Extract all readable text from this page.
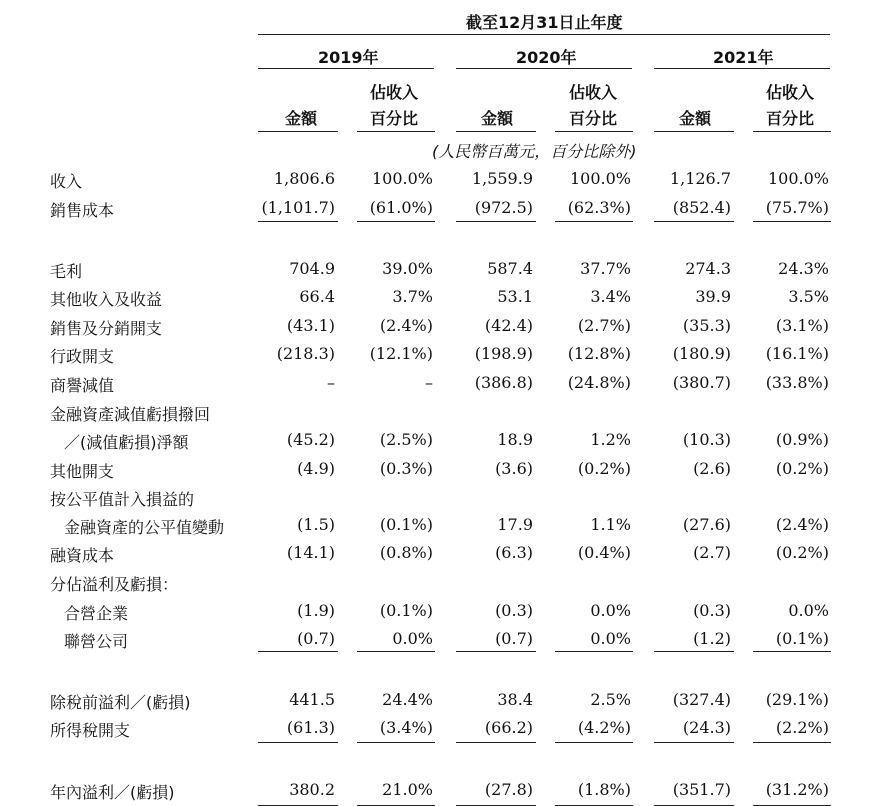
截至12月31日止年度
2019年	2020年	2021年
佔收入	佔收入	佔收入
金額	百分比	金額	百分比	金額	百分比
(人民幣百萬元，百分比除外)
收入	1,806.6	100.0%	1,559.9	100.0%	1,126.7	100.0%
銷售成本	(1,101.7)	(61.0%)	(972.5)	(62.3%)	(852.4)	(75.7%)
毛利	704.9	39.0%	587.4	37.7%	274.3	24.3%
其他收入及收益	66.4	3.7%	53.1	3.4%	39.9	3.5%
銷售及分銷開支	(43.1)	(2.4%)	(42.4)	(2.7%)	(35.3)	(3.1%)
行政開支	(218.3)	(12.1%)	(198.9)	(12.8%)	(180.9)	(16.1%)
商譽減值	–	–	(386.8)	(24.8%)	(380.7)	(33.8%)
金融資產減值虧損撥回
／(減值虧損)淨額	(45.2)	(2.5%)	18.9	1.2%	(10.3)	(0.9%)
其他開支	(4.9)	(0.3%)	(3.6)	(0.2%)	(2.6)	(0.2%)
按公平值計入損益的
金融資產的公平值變動	(1.5)	(0.1%)	17.9	1.1%	(27.6)	(2.4%)
融資成本	(14.1)	(0.8%)	(6.3)	(0.4%)	(2.7)	(0.2%)
分佔溢利及虧損：
合營企業	(1.9)	(0.1%)	(0.3)	0.0%	(0.3)	0.0%
聯營公司	(0.7)	0.0%	(0.7)	0.0%	(1.2)	(0.1%)
除稅前溢利／(虧損)	441.5	24.4%	38.4	2.5%	(327.4)	(29.1%)
所得稅開支	(61.3)	(3.4%)	(66.2)	(4.2%)	(24.3)	(2.2%)
年內溢利／(虧損)	380.2	21.0%	(27.8)	(1.8%)	(351.7)	(31.2%)
